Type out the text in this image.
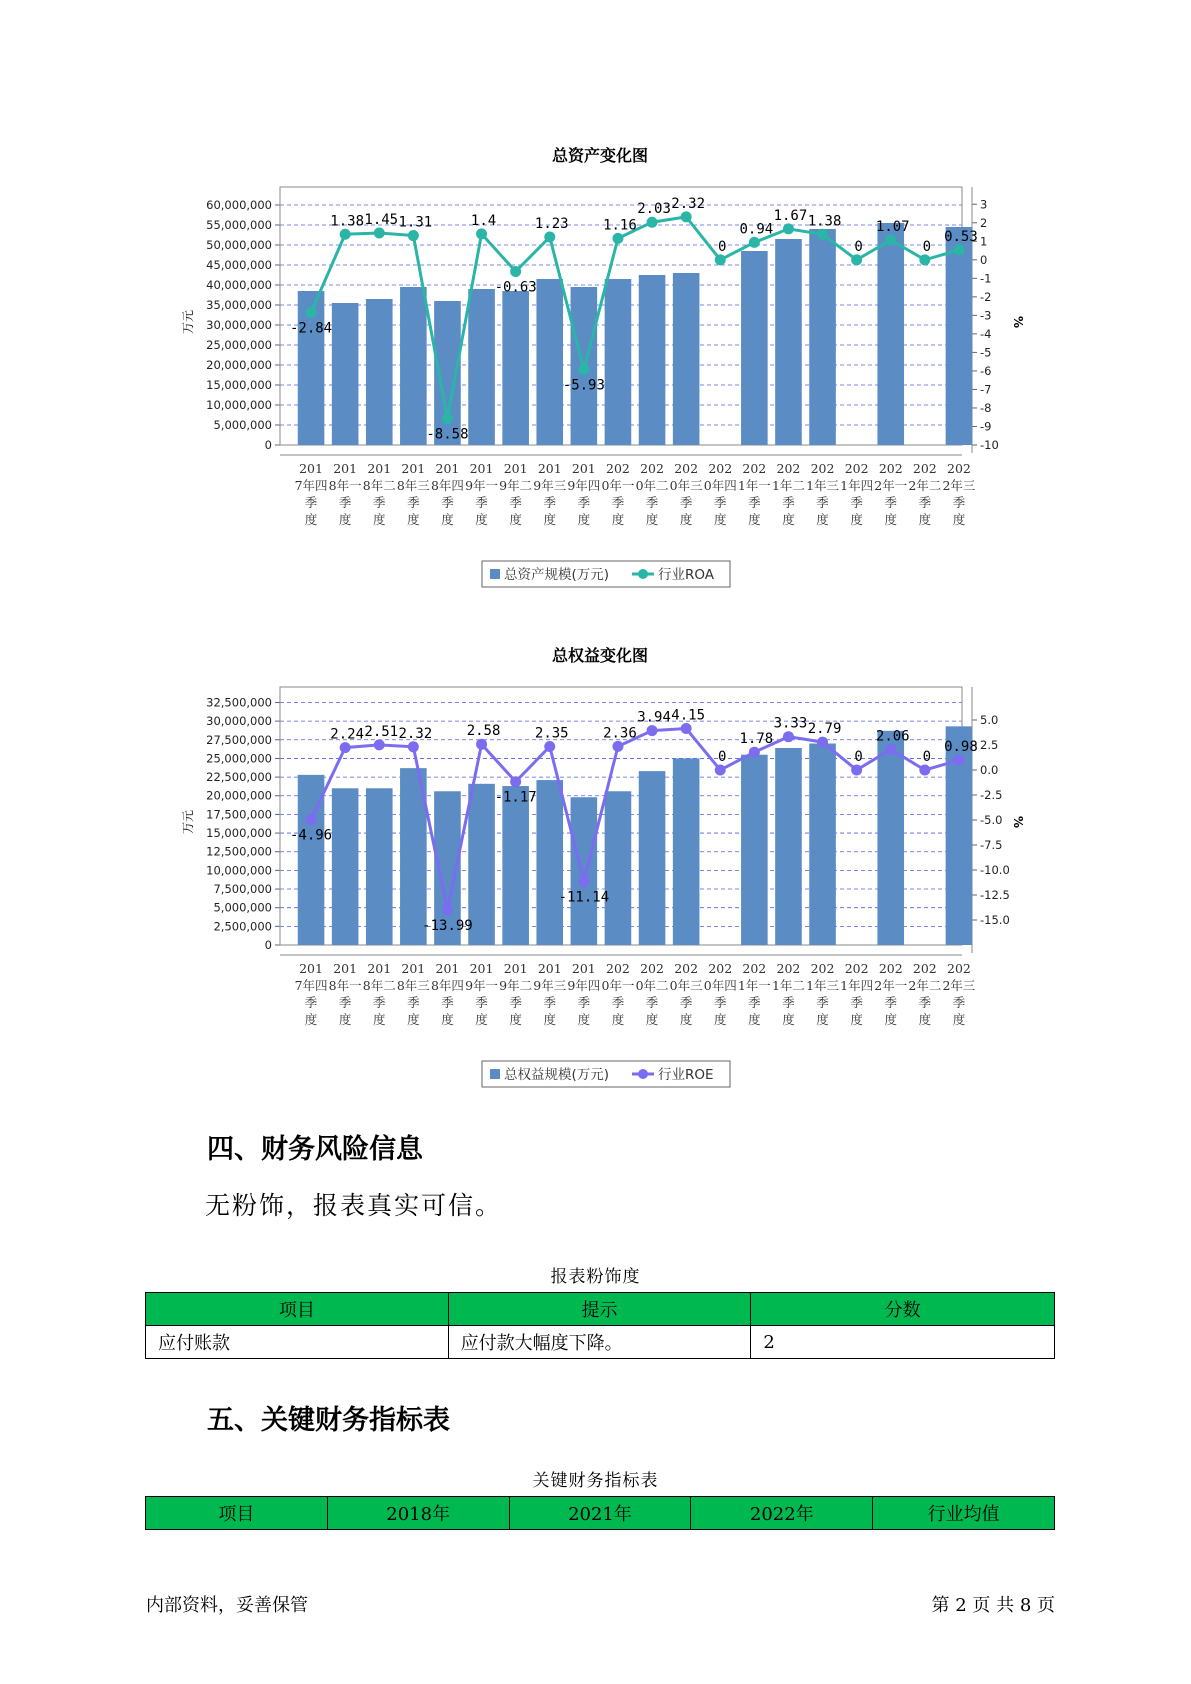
总资产变化图
0
5,000,000
10,000,000
15,000,000
20,000,000
25,000,000
30,000,000
35,000,000
40,000,000
45,000,000
50,000,000
55,000,000
60,000,000	3
2
1
0
-1
-2
-3
-4
-5
-6
-7
-8
-9
-10
万元	%
-2.84
1.38 1.45 1.31
-8.58
1.4
-0.63
1.23
-5.93
1.16
2.03 2.32
0
0.94
1.67 1.38
0
1.07
0
0.53
201 7年四季度
201 8年一季度
201 8年二季度
201 8年三季度
201 8年四季度
201 9年一季度
201 9年二季度
201 9年三季度
201 9年四季度
202 0年一季度
202 0年二季度
202 0年三季度
202 0年四季度
202 1年一季度
202 1年二季度
202 1年三季度
202 1年四季度
202 2年一季度
202 2年二季度
202 2年三季度
总资产规模(万元)	行业ROA
总权益变化图
0
2,500,000
5,000,000
7,500,000
10,000,000
12,500,000
15,000,000
17,500,000
20,000,000
22,500,000
25,000,000
27,500,000
30,000,000
32,500,000
5.0
2.5
0.0
-2.5
-5.0
-7.5
-10.0
-12.5
-15.0
万元	%
-4.96
2.24 2.51 2.32
-13.99
2.58
-1.17
2.35
-11.14
2.36
3.94 4.15
0
1.78
3.33 2.79
0
2.06
0
0.98
201 7年四季度
201 8年一季度
201 8年二季度
201 8年三季度
201 8年四季度
201 9年一季度
201 9年二季度
201 9年三季度
201 9年四季度
202 0年一季度
202 0年二季度
202 0年三季度
202 0年四季度
202 1年一季度
202 1年二季度
202 1年三季度
202 1年四季度
202 2年一季度
202 2年二季度
202 2年三季度
总权益规模(万元)	行业ROE
四、财务风险信息

无粉饰，报表真实可信。

报表粉饰度
项目	提示	分数
应付账款	应付款大幅度下降。	2
五、关键财务指标表
关键财务指标表
项目	2018年	2021年	2022年	行业均值
内部资料，妥善保管	第 2 页 共 8 页
